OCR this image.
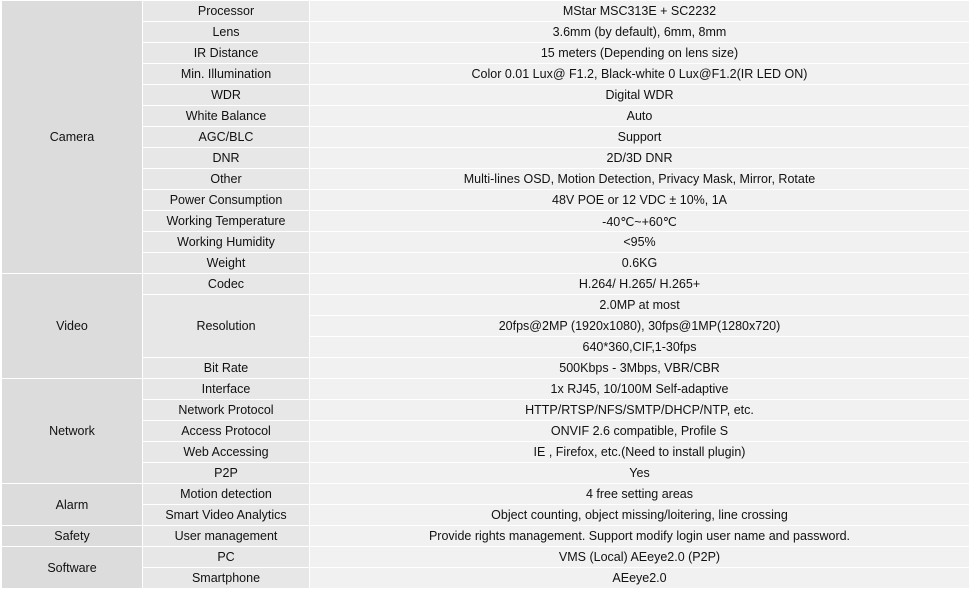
Camera	Processor	MStar MSC313E + SC2232
	Lens	3.6mm (by default), 6mm, 8mm
	IR Distance	15 meters (Depending on lens size)
	Min. Illumination	Color 0.01 Lux@ F1.2, Black-white 0 Lux@F1.2(IR LED ON)
	WDR	Digital WDR
	White Balance	Auto
	AGC/BLC	Support
	DNR	2D/3D DNR
	Other	Multi-lines OSD, Motion Detection, Privacy Mask, Mirror, Rotate
	Power Consumption	48V POE or 12 VDC ± 10%, 1A
	Working Temperature	-40℃~+60℃
	Working Humidity	<95%
	Weight	0.6KG
Video	Codec	H.264/ H.265/ H.265+
	Resolution	2.0MP at most
		20fps@2MP (1920x1080), 30fps@1MP(1280x720)
		640*360,CIF,1-30fps
	Bit Rate	500Kbps - 3Mbps, VBR/CBR
Network	Interface	1x RJ45, 10/100M Self-adaptive
	Network Protocol	HTTP/RTSP/NFS/SMTP/DHCP/NTP, etc.
	Access Protocol	ONVIF 2.6 compatible, Profile S
	Web Accessing	IE , Firefox, etc.(Need to install plugin)
	P2P	Yes
Alarm	Motion detection	4 free setting areas
	Smart Video Analytics	Object counting, object missing/loitering, line crossing
Safety	User management	Provide rights management. Support modify login user name and password.
Software	PC	VMS (Local) AEeye2.0 (P2P)
	Smartphone	AEeye2.0
